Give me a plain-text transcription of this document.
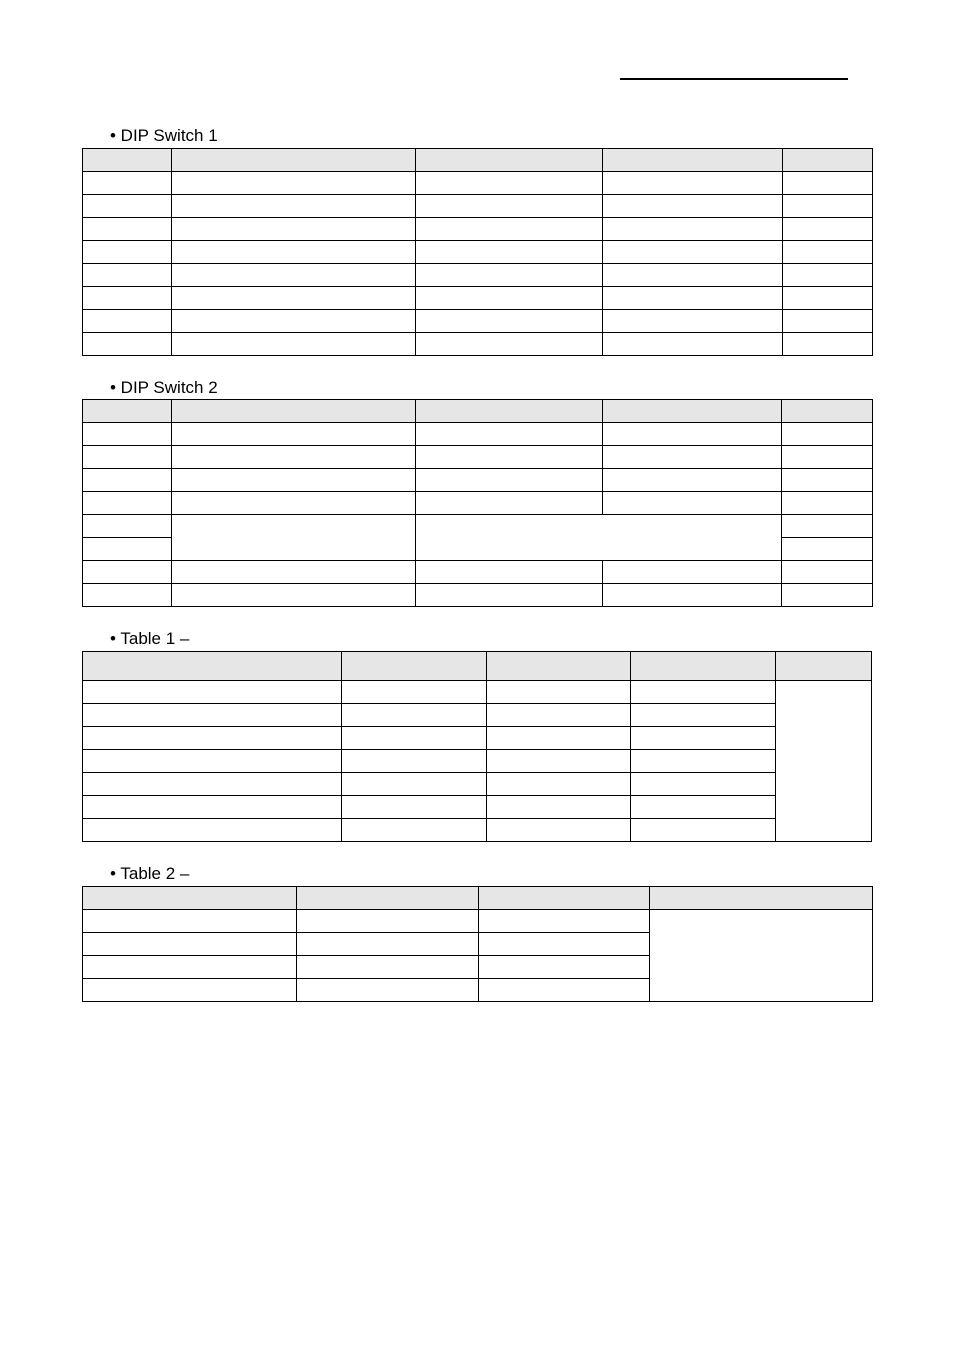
• DIP Switch 1

• DIP Switch 2

• Table 1 –

• Table 2 –
